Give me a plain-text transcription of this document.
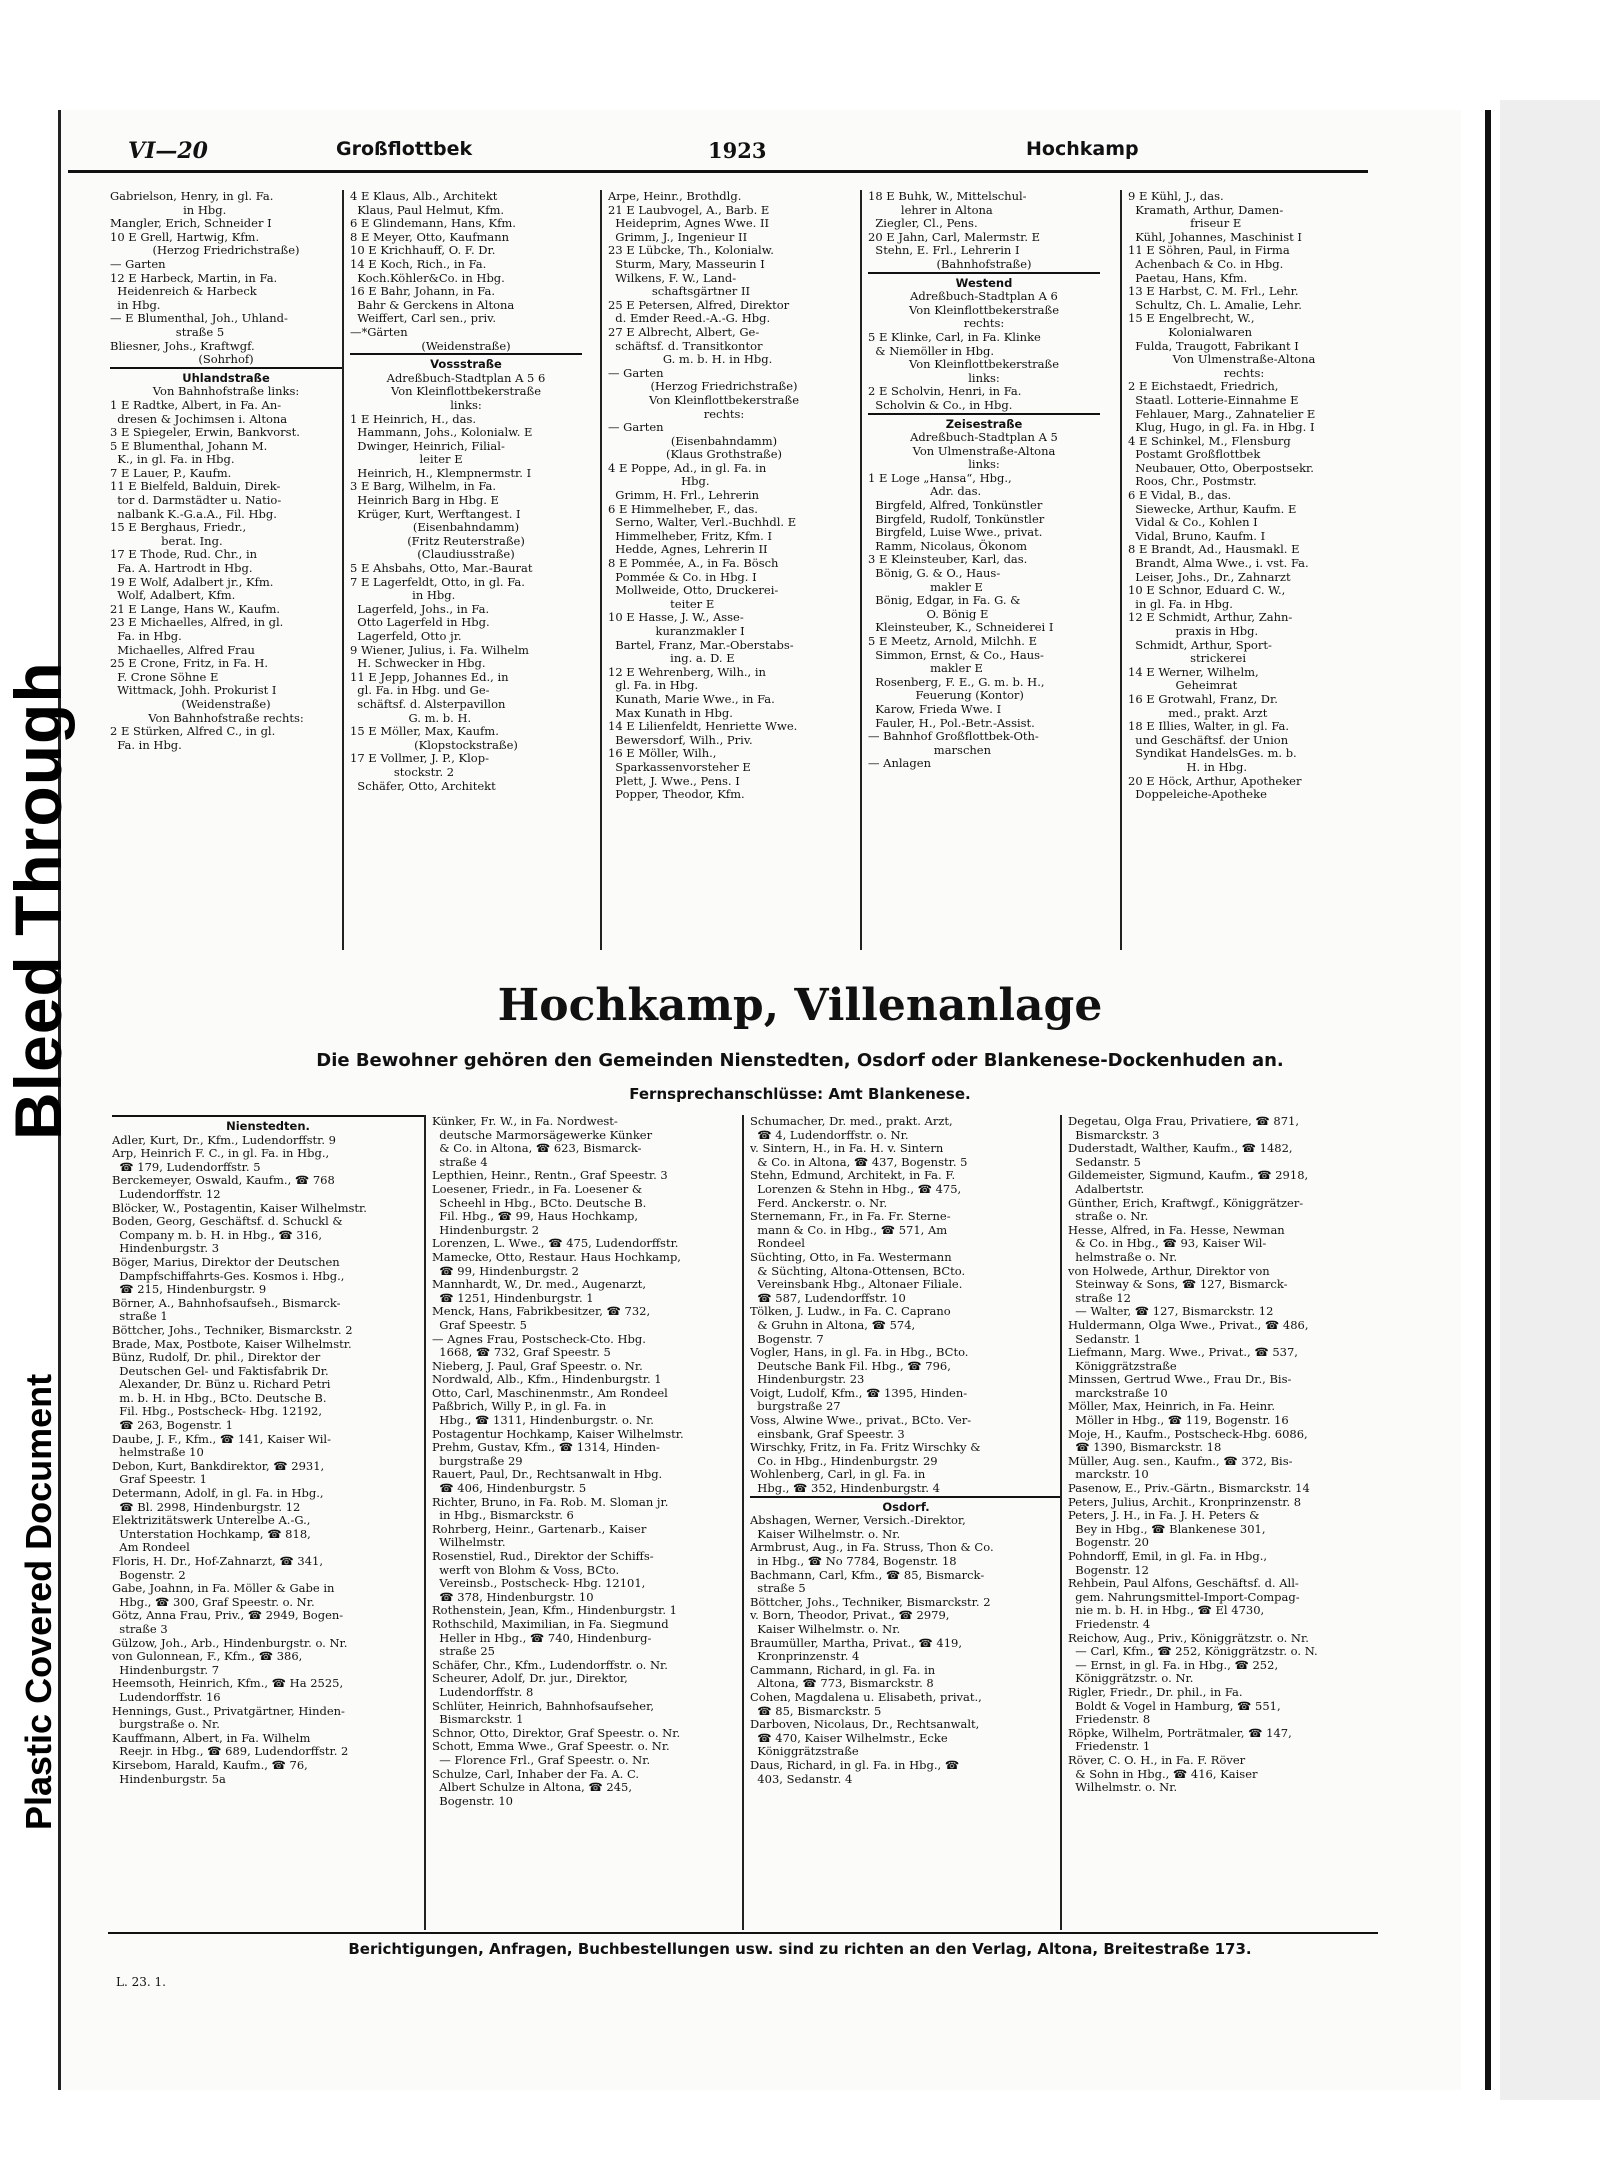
Bleed Through
Plastic Covered Document
VI—20	Großflottbek	1923	Hochkamp
Gabrielson, Henry, in gl. Fa.
in Hbg.
Mangler, Erich, Schneider I
10 E Grell, Hartwig, Kfm.
(Herzog Friedrichstraße)
— Garten
12 E Harbeck, Martin, in Fa.
Heidenreich & Harbeck
in Hbg.
— E Blumenthal, Joh., Uhland-
straße 5
Bliesner, Johs., Kraftwgf.
(Sohrhof)
Uhlandstraße
Von Bahnhofstraße links:
1 E Radtke, Albert, in Fa. An-
dresen & Jochimsen i. Altona
3 E Spiegeler, Erwin, Bankvorst.
5 E Blumenthal, Johann M.
K., in gl. Fa. in Hbg.
7 E Lauer, P., Kaufm.
11 E Bielfeld, Balduin, Direk-
tor d. Darmstädter u. Natio-
nalbank K.-G.a.A., Fil. Hbg.
15 E Berghaus, Friedr.,
berat. Ing.
17 E Thode, Rud. Chr., in
Fa. A. Hartrodt in Hbg.
19 E Wolf, Adalbert jr., Kfm.
Wolf, Adalbert, Kfm.
21 E Lange, Hans W., Kaufm.
23 E Michaelles, Alfred, in gl.
Fa. in Hbg.
Michaelles, Alfred Frau
25 E Crone, Fritz, in Fa. H.
F. Crone Söhne E
Wittmack, Johh. Prokurist I
(Weidenstraße)
Von Bahnhofstraße rechts:
2 E Stürken, Alfred C., in gl.
Fa. in Hbg.
4 E Klaus, Alb., Architekt
Klaus, Paul Helmut, Kfm.
6 E Glindemann, Hans, Kfm.
8 E Meyer, Otto, Kaufmann
10 E Krichhauff, O. F. Dr.
14 E Koch, Rich., in Fa.
Koch.Köhler&Co. in Hbg.
16 E Bahr, Johann, in Fa.
Bahr & Gerckens in Altona
Weiffert, Carl sen., priv.
—*Gärten
(Weidenstraße)
Vossstraße
Adreßbuch-Stadtplan A 5 6
Von Kleinflottbekerstraße
links:
1 E Heinrich, H., das.
Hammann, Johs., Kolonialw. E
Dwinger, Heinrich, Filial-
leiter E
Heinrich, H., Klempnermstr. I
3 E Barg, Wilhelm, in Fa.
Heinrich Barg in Hbg. E
Krüger, Kurt, Werftangest. I
(Eisenbahndamm)
(Fritz Reuterstraße)
(Claudiusstraße)
5 E Ahsbahs, Otto, Mar.-Baurat
7 E Lagerfeldt, Otto, in gl. Fa.
in Hbg.
Lagerfeld, Johs., in Fa.
Otto Lagerfeld in Hbg.
Lagerfeld, Otto jr.
9 Wiener, Julius, i. Fa. Wilhelm
H. Schwecker in Hbg.
11 E Jepp, Johannes Ed., in
gl. Fa. in Hbg. und Ge-
schäftsf. d. Alsterpavillon
G. m. b. H.
15 E Möller, Max, Kaufm.
(Klopstockstraße)
17 E Vollmer, J. P., Klop-
stockstr. 2
Schäfer, Otto, Architekt
Arpe, Heinr., Brothdlg.
21 E Laubvogel, A., Barb. E
Heideprim, Agnes Wwe. II
Grimm, J., Ingenieur II
23 E Lübcke, Th., Kolonialw.
Sturm, Mary, Masseurin I
Wilkens, F. W., Land-
schaftsgärtner II
25 E Petersen, Alfred, Direktor
d. Emder Reed.-A.-G. Hbg.
27 E Albrecht, Albert, Ge-
schäftsf. d. Transitkontor
G. m. b. H. in Hbg.
— Garten
(Herzog Friedrichstraße)
Von Kleinflottbekerstraße
rechts:
— Garten
(Eisenbahndamm)
(Klaus Grothstraße)
4 E Poppe, Ad., in gl. Fa. in
Hbg.
Grimm, H. Frl., Lehrerin
6 E Himmelheber, F., das.
Serno, Walter, Verl.-Buchhdl. E
Himmelheber, Fritz, Kfm. I
Hedde, Agnes, Lehrerin II
8 E Pommée, A., in Fa. Bösch
Pommée & Co. in Hbg. I
Mollweide, Otto, Druckerei-
teiter E
10 E Hasse, J. W., Asse-
kuranzmakler I
Bartel, Franz, Mar.-Oberstabs-
ing. a. D. E
12 E Wehrenberg, Wilh., in
gl. Fa. in Hbg.
Kunath, Marie Wwe., in Fa.
Max Kunath in Hbg.
14 E Lilienfeldt, Henriette Wwe.
Bewersdorf, Wilh., Priv.
16 E Möller, Wilh.,
Sparkassenvorsteher E
Plett, J. Wwe., Pens. I
Popper, Theodor, Kfm.
18 E Buhk, W., Mittelschul-
lehrer in Altona
Ziegler, Cl., Pens.
20 E Jahn, Carl, Malermstr. E
Stehn, E. Frl., Lehrerin I
(Bahnhofstraße)
Westend
Adreßbuch-Stadtplan A 6
Von Kleinflottbekerstraße
rechts:
5 E Klinke, Carl, in Fa. Klinke
& Niemöller in Hbg.
Von Kleinflottbekerstraße
links:
2 E Scholvin, Henri, in Fa.
Scholvin & Co., in Hbg.
Zeisestraße
Adreßbuch-Stadtplan A 5
Von Ulmenstraße-Altona
links:
1 E Loge „Hansa“, Hbg.,
Adr. das.
Birgfeld, Alfred, Tonkünstler
Birgfeld, Rudolf, Tonkünstler
Birgfeld, Luise Wwe., privat.
Ramm, Nicolaus, Ökonom
3 E Kleinsteuber, Karl, das.
Bönig, G. & O., Haus-
makler E
Bönig, Edgar, in Fa. G. &
O. Bönig E
Kleinsteuber, K., Schneiderei I
5 E Meetz, Arnold, Milchh. E
Simmon, Ernst, & Co., Haus-
makler E
Rosenberg, F. E., G. m. b. H.,
Feuerung (Kontor)
Karow, Frieda Wwe. I
Fauler, H., Pol.-Betr.-Assist.
— Bahnhof Großflottbek-Oth-
marschen
— Anlagen
9 E Kühl, J., das.
Kramath, Arthur, Damen-
friseur E
Kühl, Johannes, Maschinist I
11 E Söhren, Paul, in Firma
Achenbach & Co. in Hbg.
Paetau, Hans, Kfm.
13 E Harbst, C. M. Frl., Lehr.
Schultz, Ch. L. Amalie, Lehr.
15 E Engelbrecht, W.,
Kolonialwaren
Fulda, Traugott, Fabrikant I
Von Ulmenstraße-Altona
rechts:
2 E Eichstaedt, Friedrich,
Staatl. Lotterie-Einnahme E
Fehlauer, Marg., Zahnatelier E
Klug, Hugo, in gl. Fa. in Hbg. I
4 E Schinkel, M., Flensburg
Postamt Großflottbek
Neubauer, Otto, Oberpostsekr.
Roos, Chr., Postmstr.
6 E Vidal, B., das.
Siewecke, Arthur, Kaufm. E
Vidal & Co., Kohlen I
Vidal, Bruno, Kaufm. I
8 E Brandt, Ad., Hausmakl. E
Brandt, Alma Wwe., i. vst. Fa.
Leiser, Johs., Dr., Zahnarzt
10 E Schnor, Eduard C. W.,
in gl. Fa. in Hbg.
12 E Schmidt, Arthur, Zahn-
praxis in Hbg.
Schmidt, Arthur, Sport-
strickerei
14 E Werner, Wilhelm,
Geheimrat
16 E Grotwahl, Franz, Dr.
med., prakt. Arzt
18 E Illies, Walter, in gl. Fa.
und Geschäftsf. der Union
Syndikat HandelsGes. m. b.
H. in Hbg.
20 E Höck, Arthur, Apotheker
Doppeleiche-Apotheke
Hochkamp, Villenanlage
Die Bewohner gehören den Gemeinden Nienstedten, Osdorf oder Blankenese-Dockenhuden an.
Fernsprechanschlüsse: Amt Blankenese.
Nienstedten.
Adler, Kurt, Dr., Kfm., Ludendorffstr. 9
Arp, Heinrich F. C., in gl. Fa. in Hbg.,
☎ 179, Ludendorffstr. 5
Berckemeyer, Oswald, Kaufm., ☎ 768
Ludendorffstr. 12
Blöcker, W., Postagentin, Kaiser Wilhelmstr.
Boden, Georg, Geschäftsf. d. Schuckl &
Company m. b. H. in Hbg., ☎ 316,
Hindenburgstr. 3
Böger, Marius, Direktor der Deutschen
Dampfschiffahrts-Ges. Kosmos i. Hbg.,
☎ 215, Hindenburgstr. 9
Börner, A., Bahnhofsaufseh., Bismarck-
straße 1
Böttcher, Johs., Techniker, Bismarckstr. 2
Brade, Max, Postbote, Kaiser Wilhelmstr.
Bünz, Rudolf, Dr. phil., Direktor der
Deutschen Gel- und Faktisfabrik Dr.
Alexander, Dr. Bünz u. Richard Petri
m. b. H. in Hbg., BCto. Deutsche B.
Fil. Hbg., Postscheck- Hbg. 12192,
☎ 263, Bogenstr. 1
Daube, J. F., Kfm., ☎ 141, Kaiser Wil-
helmstraße 10
Debon, Kurt, Bankdirektor, ☎ 2931,
Graf Speestr. 1
Determann, Adolf, in gl. Fa. in Hbg.,
☎ Bl. 2998, Hindenburgstr. 12
Elektrizitätswerk Unterelbe A.-G.,
Unterstation Hochkamp, ☎ 818,
Am Rondeel
Floris, H. Dr., Hof-Zahnarzt, ☎ 341,
Bogenstr. 2
Gabe, Joahnn, in Fa. Möller & Gabe in
Hbg., ☎ 300, Graf Speestr. o. Nr.
Götz, Anna Frau, Priv., ☎ 2949, Bogen-
straße 3
Gülzow, Joh., Arb., Hindenburgstr. o. Nr.
von Gulonnean, F., Kfm., ☎ 386,
Hindenburgstr. 7
Heemsoth, Heinrich, Kfm., ☎ Ha 2525,
Ludendorffstr. 16
Hennings, Gust., Privatgärtner, Hinden-
burgstraße o. Nr.
Kauffmann, Albert, in Fa. Wilhelm
Reejr. in Hbg., ☎ 689, Ludendorffstr. 2
Kirsebom, Harald, Kaufm., ☎ 76,
Hindenburgstr. 5a
Künker, Fr. W., in Fa. Nordwest-
deutsche Marmorsägewerke Künker
& Co. in Altona, ☎ 623, Bismarck-
straße 4
Lepthien, Heinr., Rentn., Graf Speestr. 3
Loesener, Friedr., in Fa. Loesener &
Scheehl in Hbg., BCto. Deutsche B.
Fil. Hbg., ☎ 99, Haus Hochkamp,
Hindenburgstr. 2
Lorenzen, L. Wwe., ☎ 475, Ludendorffstr.
Mamecke, Otto, Restaur. Haus Hochkamp,
☎ 99, Hindenburgstr. 2
Mannhardt, W., Dr. med., Augenarzt,
☎ 1251, Hindenburgstr. 1
Menck, Hans, Fabrikbesitzer, ☎ 732,
Graf Speestr. 5
— Agnes Frau, Postscheck-Cto. Hbg.
1668, ☎ 732, Graf Speestr. 5
Nieberg, J. Paul, Graf Speestr. o. Nr.
Nordwald, Alb., Kfm., Hindenburgstr. 1
Otto, Carl, Maschinenmstr., Am Rondeel
Paßbrich, Willy P., in gl. Fa. in
Hbg., ☎ 1311, Hindenburgstr. o. Nr.
Postagentur Hochkamp, Kaiser Wilhelmstr.
Prehm, Gustav, Kfm., ☎ 1314, Hinden-
burgstraße 29
Rauert, Paul, Dr., Rechtsanwalt in Hbg.
☎ 406, Hindenburgstr. 5
Richter, Bruno, in Fa. Rob. M. Sloman jr.
in Hbg., Bismarckstr. 6
Rohrberg, Heinr., Gartenarb., Kaiser
Wilhelmstr.
Rosenstiel, Rud., Direktor der Schiffs-
werft von Blohm & Voss, BCto.
Vereinsb., Postscheck- Hbg. 12101,
☎ 378, Hindenburgstr. 10
Rothenstein, Jean, Kfm., Hindenburgstr. 1
Rothschild, Maximilian, in Fa. Siegmund
Heller in Hbg., ☎ 740, Hindenburg-
straße 25
Schäfer, Chr., Kfm., Ludendorffstr. o. Nr.
Scheurer, Adolf, Dr. jur., Direktor,
Ludendorffstr. 8
Schlüter, Heinrich, Bahnhofsaufseher,
Bismarckstr. 1
Schnor, Otto, Direktor, Graf Speestr. o. Nr.
Schott, Emma Wwe., Graf Speestr. o. Nr.
— Florence Frl., Graf Speestr. o. Nr.
Schulze, Carl, Inhaber der Fa. A. C.
Albert Schulze in Altona, ☎ 245,
Bogenstr. 10
Schumacher, Dr. med., prakt. Arzt,
☎ 4, Ludendorffstr. o. Nr.
v. Sintern, H., in Fa. H. v. Sintern
& Co. in Altona, ☎ 437, Bogenstr. 5
Stehn, Edmund, Architekt, in Fa. F.
Lorenzen & Stehn in Hbg., ☎ 475,
Ferd. Anckerstr. o. Nr.
Sternemann, Fr., in Fa. Fr. Sterne-
mann & Co. in Hbg., ☎ 571, Am
Rondeel
Süchting, Otto, in Fa. Westermann
& Süchting, Altona-Ottensen, BCto.
Vereinsbank Hbg., Altonaer Filiale.
☎ 587, Ludendorffstr. 10
Tölken, J. Ludw., in Fa. C. Caprano
& Gruhn in Altona, ☎ 574,
Bogenstr. 7
Vogler, Hans, in gl. Fa. in Hbg., BCto.
Deutsche Bank Fil. Hbg., ☎ 796,
Hindenburgstr. 23
Voigt, Ludolf, Kfm., ☎ 1395, Hinden-
burgstraße 27
Voss, Alwine Wwe., privat., BCto. Ver-
einsbank, Graf Speestr. 3
Wirschky, Fritz, in Fa. Fritz Wirschky &
Co. in Hbg., Hindenburgstr. 29
Wohlenberg, Carl, in gl. Fa. in
Hbg., ☎ 352, Hindenburgstr. 4
Osdorf.
Abshagen, Werner, Versich.-Direktor,
Kaiser Wilhelmstr. o. Nr.
Armbrust, Aug., in Fa. Struss, Thon & Co.
in Hbg., ☎ No 7784, Bogenstr. 18
Bachmann, Carl, Kfm., ☎ 85, Bismarck-
straße 5
Böttcher, Johs., Techniker, Bismarckstr. 2
v. Born, Theodor, Privat., ☎ 2979,
Kaiser Wilhelmstr. o. Nr.
Braumüller, Martha, Privat., ☎ 419,
Kronprinzenstr. 4
Cammann, Richard, in gl. Fa. in
Altona, ☎ 773, Bismarckstr. 8
Cohen, Magdalena u. Elisabeth, privat.,
☎ 85, Bismarckstr. 5
Darboven, Nicolaus, Dr., Rechtsanwalt,
☎ 470, Kaiser Wilhelmstr., Ecke
Königgrätzstraße
Daus, Richard, in gl. Fa. in Hbg., ☎
403, Sedanstr. 4
Degetau, Olga Frau, Privatiere, ☎ 871,
Bismarckstr. 3
Duderstadt, Walther, Kaufm., ☎ 1482,
Sedanstr. 5
Gildemeister, Sigmund, Kaufm., ☎ 2918,
Adalbertstr.
Günther, Erich, Kraftwgf., Königgrätzer-
straße o. Nr.
Hesse, Alfred, in Fa. Hesse, Newman
& Co. in Hbg., ☎ 93, Kaiser Wil-
helmstraße o. Nr.
von Holwede, Arthur, Direktor von
Steinway & Sons, ☎ 127, Bismarck-
straße 12
— Walter, ☎ 127, Bismarckstr. 12
Huldermann, Olga Wwe., Privat., ☎ 486,
Sedanstr. 1
Liefmann, Marg. Wwe., Privat., ☎ 537,
Königgrätzstraße
Minssen, Gertrud Wwe., Frau Dr., Bis-
marckstraße 10
Möller, Max, Heinrich, in Fa. Heinr.
Möller in Hbg., ☎ 119, Bogenstr. 16
Moje, H., Kaufm., Postscheck-Hbg. 6086,
☎ 1390, Bismarckstr. 18
Müller, Aug. sen., Kaufm., ☎ 372, Bis-
marckstr. 10
Pasenow, E., Priv.-Gärtn., Bismarckstr. 14
Peters, Julius, Archit., Kronprinzenstr. 8
Peters, J. H., in Fa. J. H. Peters &
Bey in Hbg., ☎ Blankenese 301,
Bogenstr. 20
Pohndorff, Emil, in gl. Fa. in Hbg.,
Bogenstr. 12
Rehbein, Paul Alfons, Geschäftsf. d. All-
gem. Nahrungsmittel-Import-Compag-
nie m. b. H. in Hbg., ☎ El 4730,
Friedenstr. 4
Reichow, Aug., Priv., Königgrätzstr. o. Nr.
— Carl, Kfm., ☎ 252, Königgrätzstr. o. N.
— Ernst, in gl. Fa. in Hbg., ☎ 252,
Königgrätzstr. o. Nr.
Rigler, Friedr., Dr. phil., in Fa.
Boldt & Vogel in Hamburg, ☎ 551,
Friedenstr. 8
Röpke, Wilhelm, Porträtmaler, ☎ 147,
Friedenstr. 1
Röver, C. O. H., in Fa. F. Röver
& Sohn in Hbg., ☎ 416, Kaiser
Wilhelmstr. o. Nr.
Berichtigungen, Anfragen, Buchbestellungen usw. sind zu richten an den Verlag, Altona, Breitestraße 173.
L. 23. 1.
